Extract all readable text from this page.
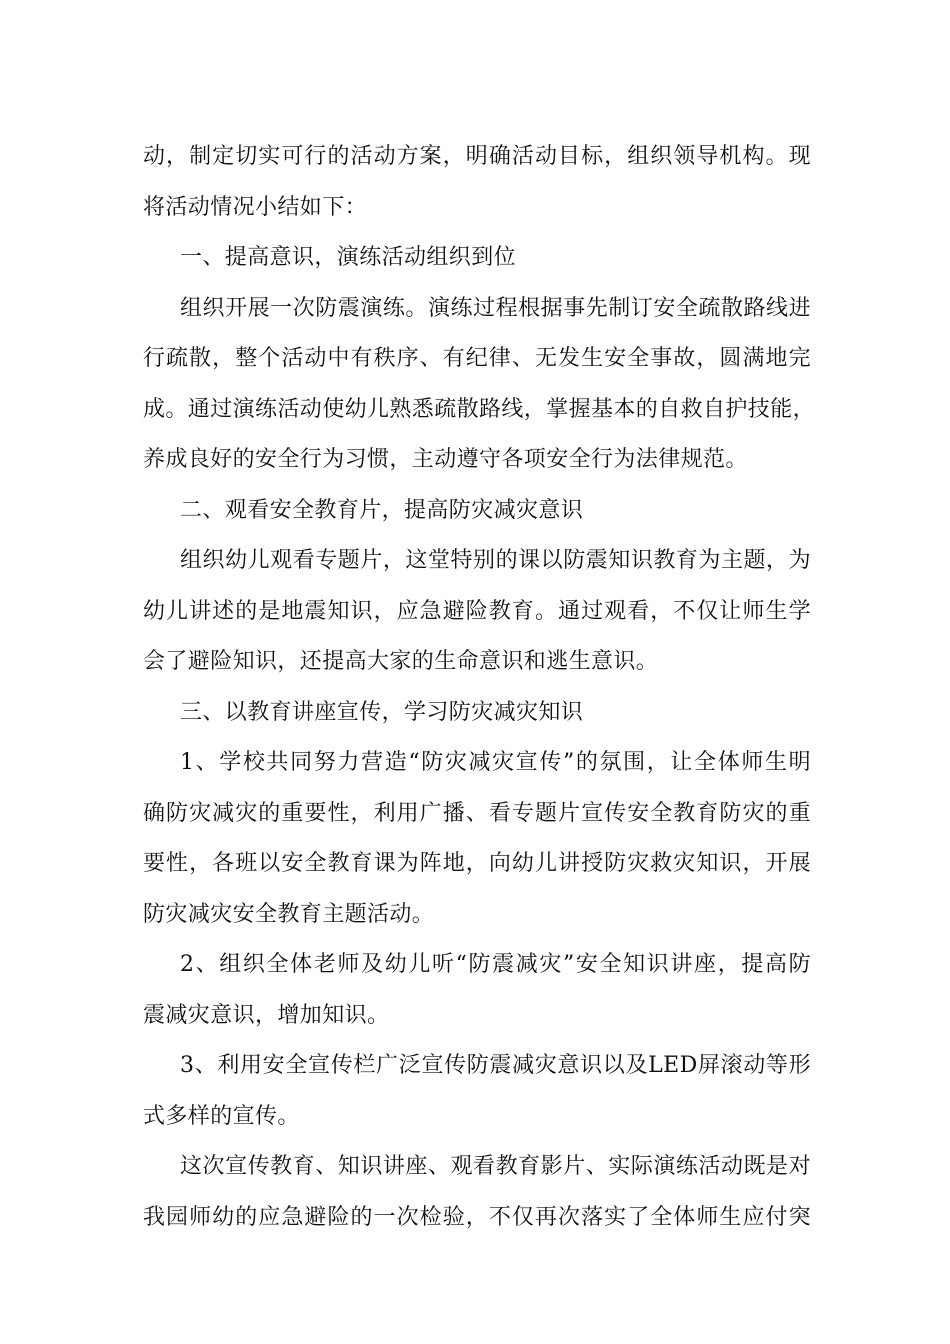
动，制定切实可行的活动方案，明确活动目标，组织领导机构。现
将活动情况小结如下：
一、提高意识，演练活动组织到位
组织开展一次防震演练。演练过程根据事先制订安全疏散路线进
行疏散，整个活动中有秩序、有纪律、无发生安全事故，圆满地完
成。通过演练活动使幼儿熟悉疏散路线，掌握基本的自救自护技能，
养成良好的安全行为习惯，主动遵守各项安全行为法律规范。
二、观看安全教育片，提高防灾减灾意识
组织幼儿观看专题片，这堂特别的课以防震知识教育为主题，为
幼儿讲述的是地震知识，应急避险教育。通过观看，不仅让师生学
会了避险知识，还提高大家的生命意识和逃生意识。
三、以教育讲座宣传，学习防灾减灾知识
1、学校共同努力营造“防灾减灾宣传”的氛围，让全体师生明
确防灾减灾的重要性，利用广播、看专题片宣传安全教育防灾的重
要性，各班以安全教育课为阵地，向幼儿讲授防灾救灾知识，开展
防灾减灾安全教育主题活动。
2、组织全体老师及幼儿听“防震减灾”安全知识讲座，提高防
震减灾意识，增加知识。
3、利用安全宣传栏广泛宣传防震减灾意识以及LED屏滚动等形
式多样的宣传。
这次宣传教育、知识讲座、观看教育影片、实际演练活动既是对
我园师幼的应急避险的一次检验，不仅再次落实了全体师生应付突
